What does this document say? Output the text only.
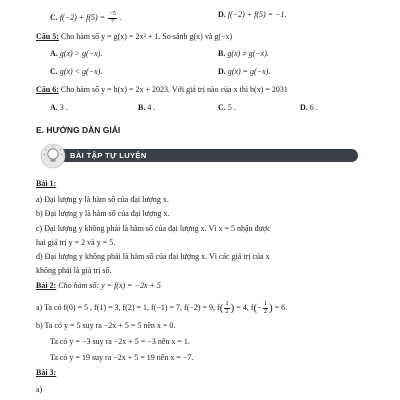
C. $f(-2) + f(5) = \frac{-5}{7}$ .	D. f(−2) + f(5) = −1.
Câu 5: Cho hàm số y = g(x) = 2x² + 1. So sánh g(x) và g(−x)
A. g(x) > g(−x).	B. g(x) ≠ g(−x).
C. g(x) < g(−x).	D. g(x) = g(−x).
Câu 6: Cho hàm số y = h(x) = 2x + 2023. Với giá trị nào của x thì h(x) = 2031
A. 3 .	B. 4 .	C. 5 .	D. 6 .
E. HƯỚNG DẪN GIẢI
BÀI TẬP TỰ LUYỆN
Bài 1:
a) Đại lượng y là hàm số của đại lượng x.
b) Đại lượng y là hàm số của đại lượng x.
c) Đại lượng y không phải là hàm số của đại lượng x. Vì x = 5 nhận được
hai giá trị y = 2 và y = 5.
d) Đại lượng y không phải là hàm số của đại lượng x. Vì các giá trị của x
không phải là giá trị số.
Bài 2: Cho hàm số: y = f(x) = −2x + 5
a) Ta có f(0) = 5 , f(1) = 3, f(2) = 1, f(−1) = 7, f(−2) = 9, $f( \frac{1}{2}$ ) = 4, $f(- \frac{1}{2}$ ) = 6.
b) Ta có y = 5 suy ra −2x + 5 = 5 nên x = 0.
Ta có y = −3 suy ra −2x + 5 = −3 nên x = 1.
Ta có y = 19 suy ra −2x + 5 = 19 nên x = −7.
Bài 3:
a)
